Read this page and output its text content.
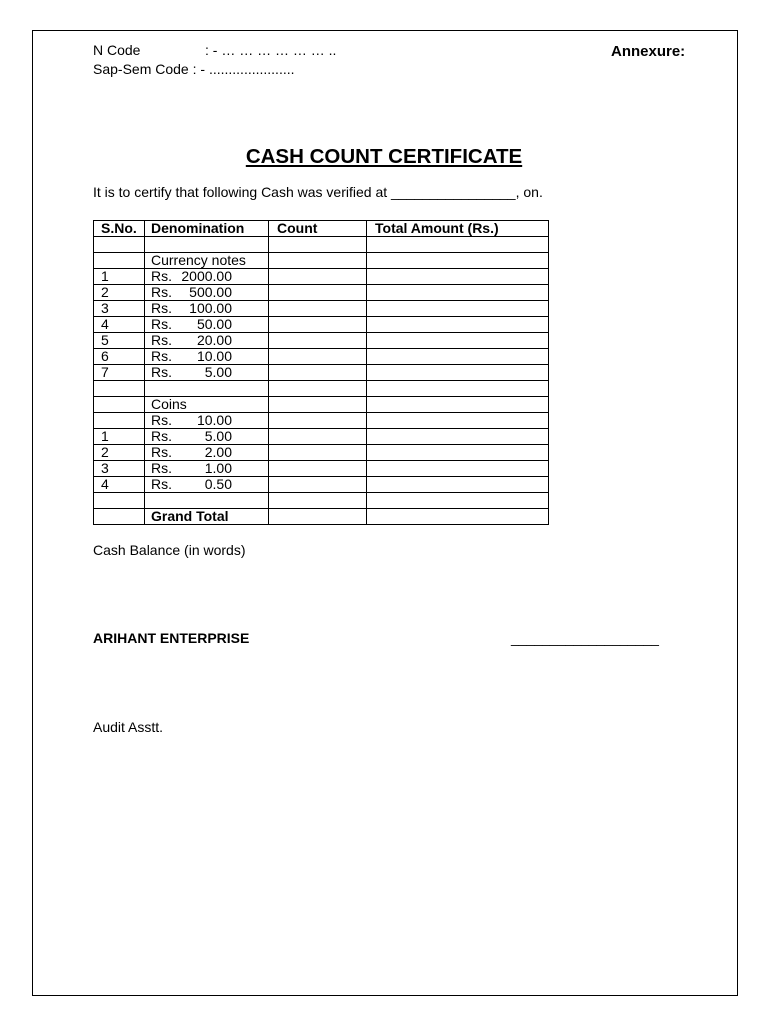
N Code	: - … … … … … … ..
Sap-Sem Code : - ......................
Annexure:
CASH COUNT CERTIFICATE
It is to certify that following Cash was verified at ________________, on.
S.No.	Denomination	Count	Total Amount (Rs.)

	Currency notes		
1	Rs. 2000.00		
2	Rs. 500.00		
3	Rs. 100.00		
4	Rs. 50.00		
5	Rs. 20.00		
6	Rs. 10.00		
7	Rs. 5.00		

	Coins		
	Rs. 10.00		
1	Rs. 5.00		
2	Rs. 2.00		
3	Rs. 1.00		
4	Rs. 0.50		

	Grand Total		
Cash Balance (in words)
ARIHANT ENTERPRISE	___________________
Audit Asstt.
